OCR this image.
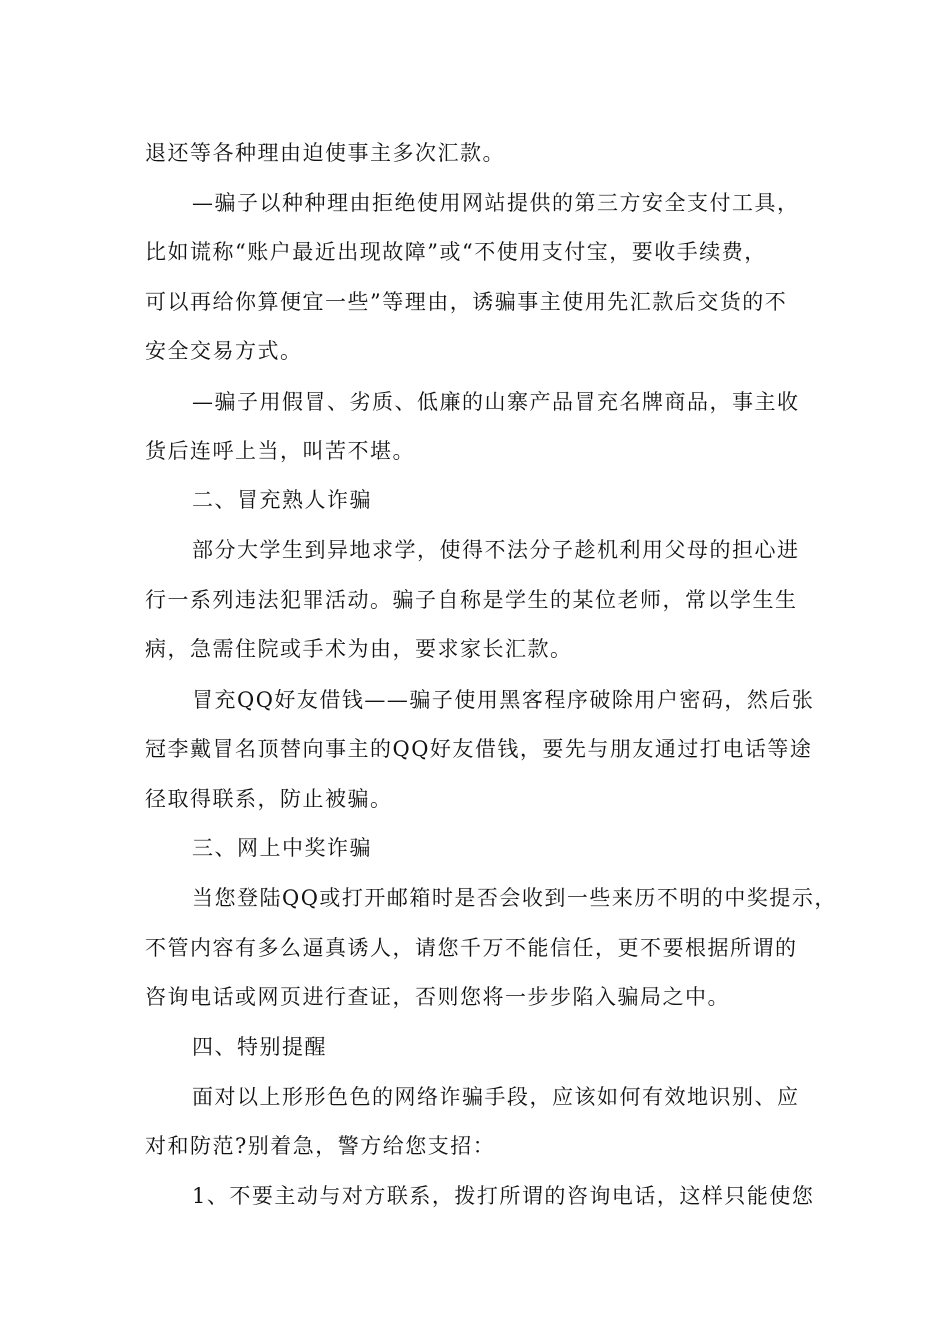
退还等各种理由迫使事主多次汇款。
—骗子以种种理由拒绝使用网站提供的第三方安全支付工具，
比如谎称“账户最近出现故障”或“不使用支付宝，要收手续费，
可以再给你算便宜一些”等理由，诱骗事主使用先汇款后交货的不
安全交易方式。
—骗子用假冒、劣质、低廉的山寨产品冒充名牌商品，事主收
货后连呼上当，叫苦不堪。
二、冒充熟人诈骗
部分大学生到异地求学，使得不法分子趁机利用父母的担心进
行一系列违法犯罪活动。骗子自称是学生的某位老师，常以学生生
病，急需住院或手术为由，要求家长汇款。
冒充QQ好友借钱——骗子使用黑客程序破除用户密码，然后张
冠李戴冒名顶替向事主的QQ好友借钱，要先与朋友通过打电话等途
径取得联系，防止被骗。
三、网上中奖诈骗
当您登陆QQ或打开邮箱时是否会收到一些来历不明的中奖提示，
不管内容有多么逼真诱人，请您千万不能信任，更不要根据所谓的
咨询电话或网页进行查证，否则您将一步步陷入骗局之中。
四、特别提醒
面对以上形形色色的网络诈骗手段，应该如何有效地识别、应
对和防范?别着急，警方给您支招：
1、不要主动与对方联系，拨打所谓的咨询电话，这样只能使您
